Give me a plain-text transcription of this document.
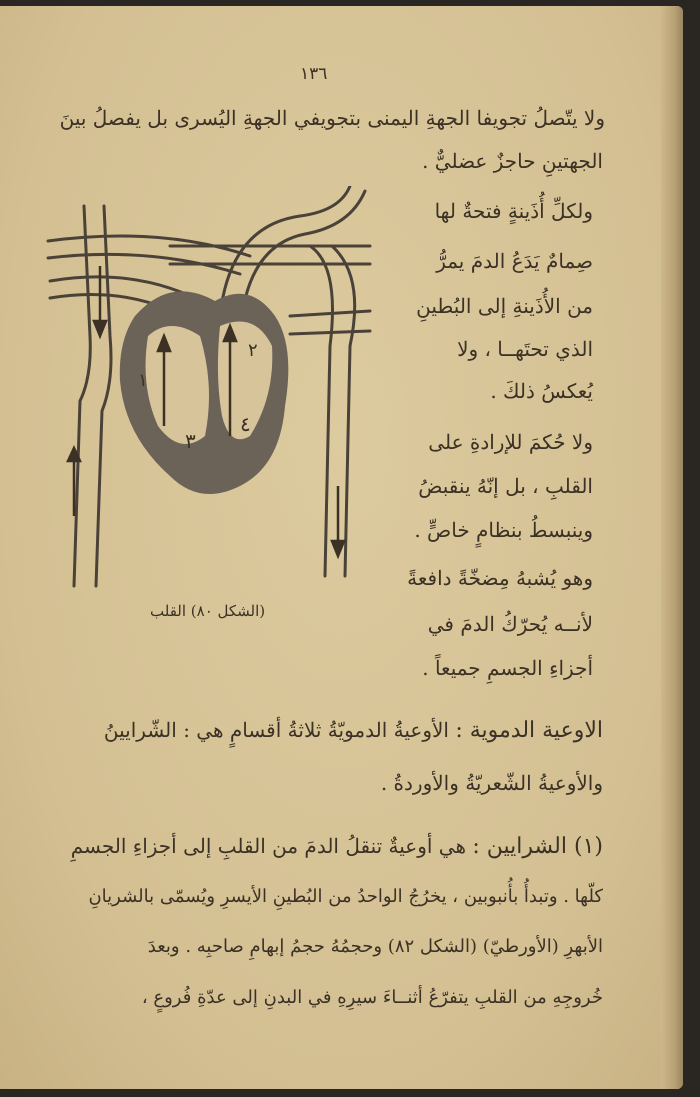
١٣٦
ولا يتّصلُ تجويفا الجهةِ اليمنى بتجويفي الجهةِ اليُسرى بل يفصلُ بينَ
الجهتينِ حاجزٌ عضليٌّ .
ولكلِّ أُذَينةٍ فتحةٌ لها
صِمامٌ يَدَعُ الدمَ يمرُّ
من الأُذَينةِ إلى البُطينِ
الذي تحتَهــا ، ولا
يُعكسُ ذلكَ .
ولا حُكمَ للإرادةِ على
القلبِ ، بل إنّهُ ينقبضُ
وينبسطُ بنظامٍ خاصٍّ .
وهو يُشبهُ مِضخّةً دافعةً
لأنــه يُحرّكُ الدمَ في
أجزاءِ الجسمِ جميعاً .
١
٢
٣
٤
(الشكل ٨٠) القلب
الاوعية الدموية : الأوعيةُ الدمويّةُ ثلاثةُ أقسامٍ هي : الشّرايينُ
والأوعيةُ الشّعريّةُ والأوردةُ .
(١) الشرايين : هي أوعيةٌ تنقلُ الدمَ من القلبِ إلى أجزاءِ الجسمِ
كلّها . وتبدأُ بأُنبوبين ، يخرُجُ الواحدُ من البُطينِ الأيسرِ ويُسمّى بالشريانِ
الأبهرِ (الأورطيّ) (الشكل ٨٢) وحجمُهُ حجمُ إبهامِ صاحبِه . وبعدَ
خُروجِهِ من القلبِ يتفرّعُ أثنــاءَ سيرِهِ في البدنِ إلى عدّةِ فُروعٍ ،
